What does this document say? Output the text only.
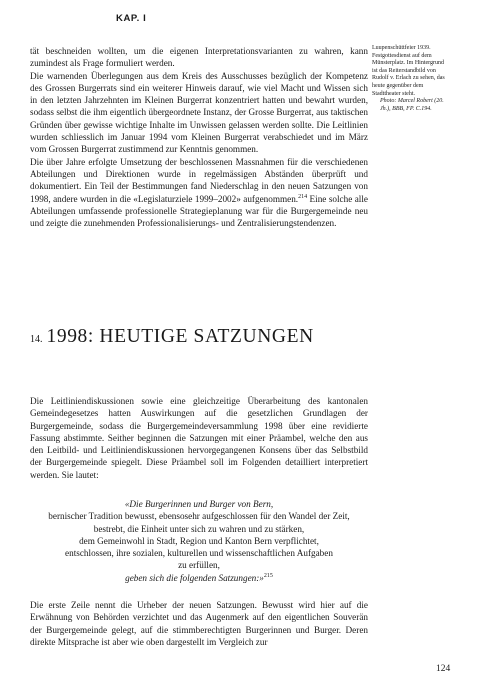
KAP. I

tät beschneiden wollten, um die eigenen Interpretationsvarianten zu wahren, kann zumindest als Frage formuliert werden.

Die warnenden Überlegungen aus dem Kreis des Ausschusses bezüglich der Kompetenz des Grossen Burgerrats sind ein weiterer Hinweis darauf, wie viel Macht und Wissen sich in den letzten Jahrzehnten im Kleinen Burgerrat konzentriert hatten und bewahrt wurden, sodass selbst die ihm eigentlich übergeordnete Instanz, der Grosse Burgerrat, aus taktischen Gründen über gewisse wichtige Inhalte im Unwissen gelassen werden sollte. Die Leitlinien wurden schliesslich im Januar 1994 vom Kleinen Burgerrat verabschiedet und im März vom Grossen Burgerrat zustimmend zur Kenntnis genommen.

Die über Jahre erfolgte Umsetzung der beschlossenen Massnahmen für die verschiedenen Abteilungen und Direktionen wurde in regelmässigen Abständen überprüft und dokumentiert. Ein Teil der Bestimmungen fand Niederschlag in den neuen Satzungen von 1998, andere wurden in die «Legislaturziele 1999–2002» aufgenommen.$^{214}$ Eine solche alle Abteilungen umfassende professionelle Strategieplanung war für die Burgergemeinde neu und zeigte die zunehmenden Professionalisierungs- und Zentralisierungstendenzen.

Luupenschüttfeier 1939. Festgottesdienst auf dem Münsterplatz. Im Hintergrund ist das Reiterstandbild von Rudolf v. Erlach zu sehen, das heute gegenüber dem Stadttheater steht.

Photo: Marcel Robert (20. Jh.), BBB, FP. C.194.

14. 1998: HEUTIGE SATZUNGEN

Die Leitliniendiskussionen sowie eine gleichzeitige Überarbeitung des kantonalen Gemeindegesetzes hatten Auswirkungen auf die gesetzlichen Grundlagen der Burgergemeinde, sodass die Burgergemeindeversammlung 1998 über eine revidierte Fassung abstimmte. Seither beginnen die Satzungen mit einer Präambel, welche den aus den Leitbild- und Leitliniendiskussionen hervorgegangenen Konsens über das Selbstbild der Burgergemeinde spiegelt. Diese Präambel soll im Folgenden detailliert interpretiert werden. Sie lautet:

«Die Burgerinnen und Burger von Bern,
bernischer Tradition bewusst, ebensosehr aufgeschlossen für den Wandel der Zeit,
bestrebt, die Einheit unter sich zu wahren und zu stärken,
dem Gemeinwohl in Stadt, Region und Kanton Bern verpflichtet,
entschlossen, ihre sozialen, kulturellen und wissenschaftlichen Aufgaben
zu erfüllen,
geben sich die folgenden Satzungen:»$^{215}$

Die erste Zeile nennt die Urheber der neuen Satzungen. Bewusst wird hier auf die Erwähnung von Behörden verzichtet und das Augenmerk auf den eigentlichen Souverän der Burgergemeinde gelegt, auf die stimmberechtigten Burgerinnen und Burger. Deren direkte Mitsprache ist aber wie oben dargestellt im Vergleich zur

124
